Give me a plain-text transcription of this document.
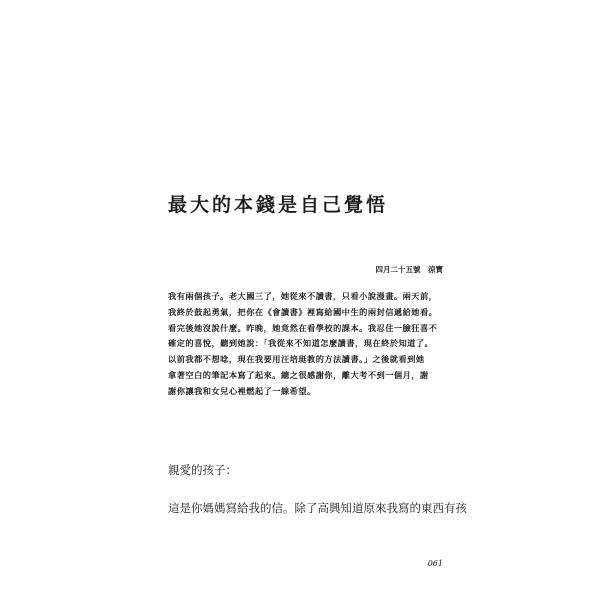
最大的本錢是自己覺悟
四月二十五號　涼寶
我有兩個孩子。老大國三了，她從來不讀書，只看小說漫畫。兩天前，
我終於鼓起勇氣，把你在《會讀書》裡寫給國中生的兩封信遞給她看。
看完後她沒說什麼。昨晚，她竟然在看學校的課本。我忍住一臉狂喜不
確定的喜悅，聽到她說：「我從來不知道怎麼讀書，現在終於知道了。
以前我都不想唸，現在我要用汪培珽教的方法讀書。」之後就看到她
拿著空白的筆記本寫了起來。總之很感謝你，離大考不到一個月，謝
謝你讓我和女兒心裡燃起了一線希望。
親愛的孩子：
這是你媽媽寫給我的信。除了高興知道原來我寫的東西有孩
061
